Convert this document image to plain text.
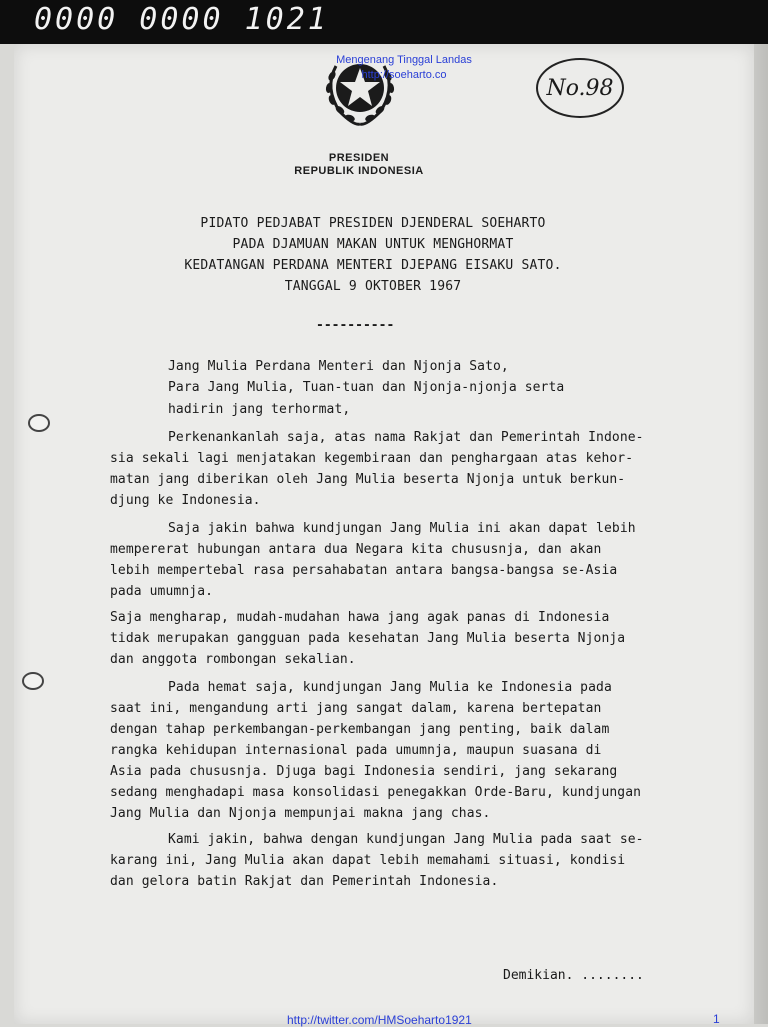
0000 0000 1021
Mengenang Tinggal Landas
http://soeharto.co
No.98
PRESIDEN
REPUBLIK INDONESIA
PIDATO PEDJABAT PRESIDEN DJENDERAL SOEHARTO
PADA DJAMUAN MAKAN UNTUK MENGHORMAT
KEDATANGAN PERDANA MENTERI DJEPANG EISAKU SATO.
TANGGAL 9 OKTOBER 1967
----------
Jang Mulia Perdana Menteri dan Njonja Sato,
Para Jang Mulia, Tuan-tuan dan Njonja-njonja serta
hadirin jang terhormat,
Perkenankanlah saja, atas nama Rakjat dan Pemerintah Indone-
sia sekali lagi menjatakan kegembiraan dan penghargaan atas kehor-
matan jang diberikan oleh Jang Mulia beserta Njonja untuk berkun-
djung ke Indonesia.
Saja jakin bahwa kundjungan Jang Mulia ini akan dapat lebih
mempererat hubungan antara dua Negara kita chususnja, dan akan
lebih mempertebal rasa persahabatan antara bangsa-bangsa se-Asia
pada umumnja.
Saja mengharap, mudah-mudahan hawa jang agak panas di Indonesia
tidak merupakan gangguan pada kesehatan Jang Mulia beserta Njonja
dan anggota rombongan sekalian.
Pada hemat saja, kundjungan Jang Mulia ke Indonesia pada
saat ini, mengandung arti jang sangat dalam, karena bertepatan
dengan tahap perkembangan-perkembangan jang penting, baik dalam
rangka kehidupan internasional pada umumnja, maupun suasana di
Asia pada chususnja. Djuga bagi Indonesia sendiri, jang sekarang
sedang menghadapi masa konsolidasi penegakkan Orde-Baru, kundjungan
Jang Mulia dan Njonja mempunjai makna jang chas.
Kami jakin, bahwa dengan kundjungan Jang Mulia pada saat se-
karang ini, Jang Mulia akan dapat lebih memahami situasi, kondisi
dan gelora batin Rakjat dan Pemerintah Indonesia.
Demikian. ........
http://twitter.com/HMSoeharto1921	1
